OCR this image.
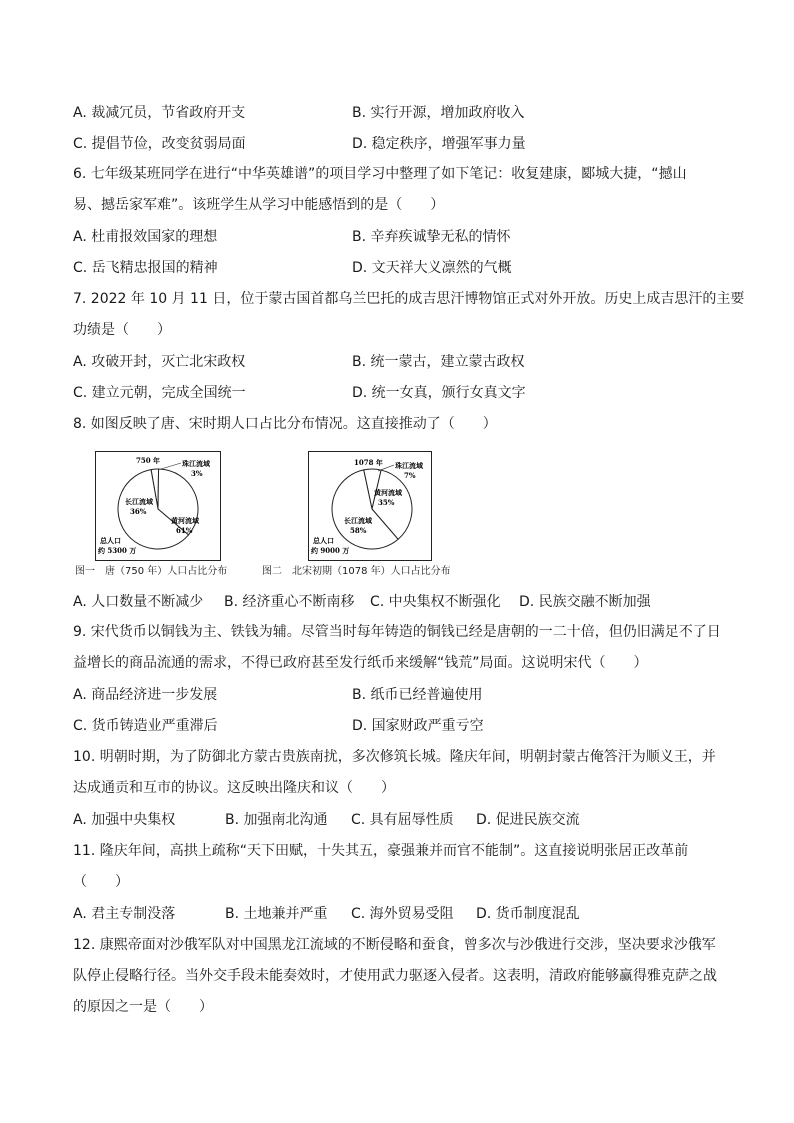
A. 裁减冗员，节省政府开支	B. 实行开源，增加政府收入
C. 提倡节俭，改变贫弱局面	D. 稳定秩序，增强军事力量
6. 七年级某班同学在进行“中华英雄谱”的项目学习中整理了如下笔记：收复建康，郾城大捷，“撼山
易、撼岳家军难”。该班学生从学习中能感悟到的是（　　）
A. 杜甫报效国家的理想	B. 辛弃疾诚挚无私的情怀
C. 岳飞精忠报国的精神	D. 文天祥大义凛然的气概
7. 2022 年 10 月 11 日，位于蒙古国首都乌兰巴托的成吉思汗博物馆正式对外开放。历史上成吉思汗的主要
功绩是（　　）
A. 攻破开封，灭亡北宋政权	B. 统一蒙古，建立蒙古政权
C. 建立元朝，完成全国统一	D. 统一女真，颁行女真文字
8. 如图反映了唐、宋时期人口占比分布情况。这直接推动了（　　）
750 年	珠江流域
3%
长江流域
36%
黄河流域
61%
总人口
约 5300 万
图一　唐（750 年）人口占比分布
1078 年 珠江流域
7%
黄河流域
35%
长江流域
58%
总人口
约 9000 万
图二　北宋初期（1078 年）人口占比分布
A. 人口数量不断减少 B. 经济重心不断南移 C. 中央集权不断强化 D. 民族交融不断加强
9. 宋代货币以铜钱为主、铁钱为辅。尽管当时每年铸造的铜钱已经是唐朝的一二十倍，但仍旧满足不了日
益增长的商品流通的需求，不得已政府甚至发行纸币来缓解“钱荒”局面。这说明宋代（　　）
A. 商品经济进一步发展	B. 纸币已经普遍使用
C. 货币铸造业严重滞后	D. 国家财政严重亏空
10. 明朝时期，为了防御北方蒙古贵族南扰，多次修筑长城。隆庆年间，明朝封蒙古俺答汗为顺义王，并
达成通贡和互市的协议。这反映出隆庆和议（　　）
A. 加强中央集权	B. 加强南北沟通 C. 具有屈辱性质 D. 促进民族交流
11. 隆庆年间，高拱上疏称“天下田赋，十失其五，豪强兼并而官不能制”。这直接说明张居正改革前
（　　）
A. 君主专制没落	B. 土地兼并严重 C. 海外贸易受阻 D. 货币制度混乱
12. 康熙帝面对沙俄军队对中国黑龙江流域的不断侵略和蚕食，曾多次与沙俄进行交涉，坚决要求沙俄军
队停止侵略行径。当外交手段未能奏效时，才使用武力驱逐入侵者。这表明，清政府能够赢得雅克萨之战
的原因之一是（　　）
